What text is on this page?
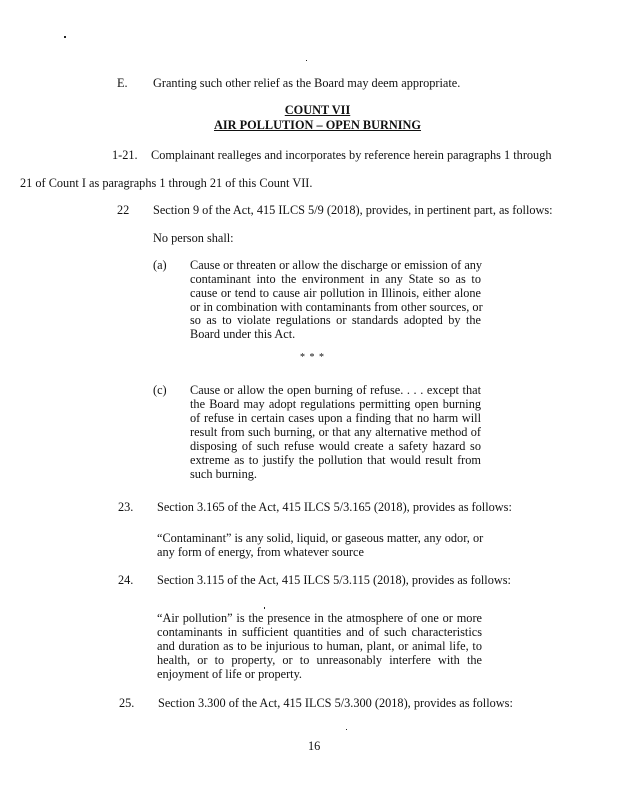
E. Granting such other relief as the Board may deem appropriate.
COUNT VII
AIR POLLUTION – OPEN BURNING
1-21. Complainant realleges and incorporates by reference herein paragraphs 1 through
21 of Count I as paragraphs 1 through 21 of this Count VII.
22 Section 9 of the Act, 415 ILCS 5/9 (2018), provides, in pertinent part, as follows:
No person shall:
(a) Cause or threaten or allow the discharge or emission of any
contaminant into the environment in any State so as to
cause or tend to cause air pollution in Illinois, either alone
or in combination with contaminants from other sources, or
so as to violate regulations or standards adopted by the
Board under this Act.
* * *
(c) Cause or allow the open burning of refuse. . . . except that
the Board may adopt regulations permitting open burning
of refuse in certain cases upon a finding that no harm will
result from such burning, or that any alternative method of
disposing of such refuse would create a safety hazard so
extreme as to justify the pollution that would result from
such burning.
23. Section 3.165 of the Act, 415 ILCS 5/3.165 (2018), provides as follows:
“Contaminant” is any solid, liquid, or gaseous matter, any odor, or
any form of energy, from whatever source
24. Section 3.115 of the Act, 415 ILCS 5/3.115 (2018), provides as follows:
“Air pollution” is the presence in the atmosphere of one or more
contaminants in sufficient quantities and of such characteristics
and duration as to be injurious to human, plant, or animal life, to
health, or to property, or to unreasonably interfere with the
enjoyment of life or property.
25. Section 3.300 of the Act, 415 ILCS 5/3.300 (2018), provides as follows:
16
